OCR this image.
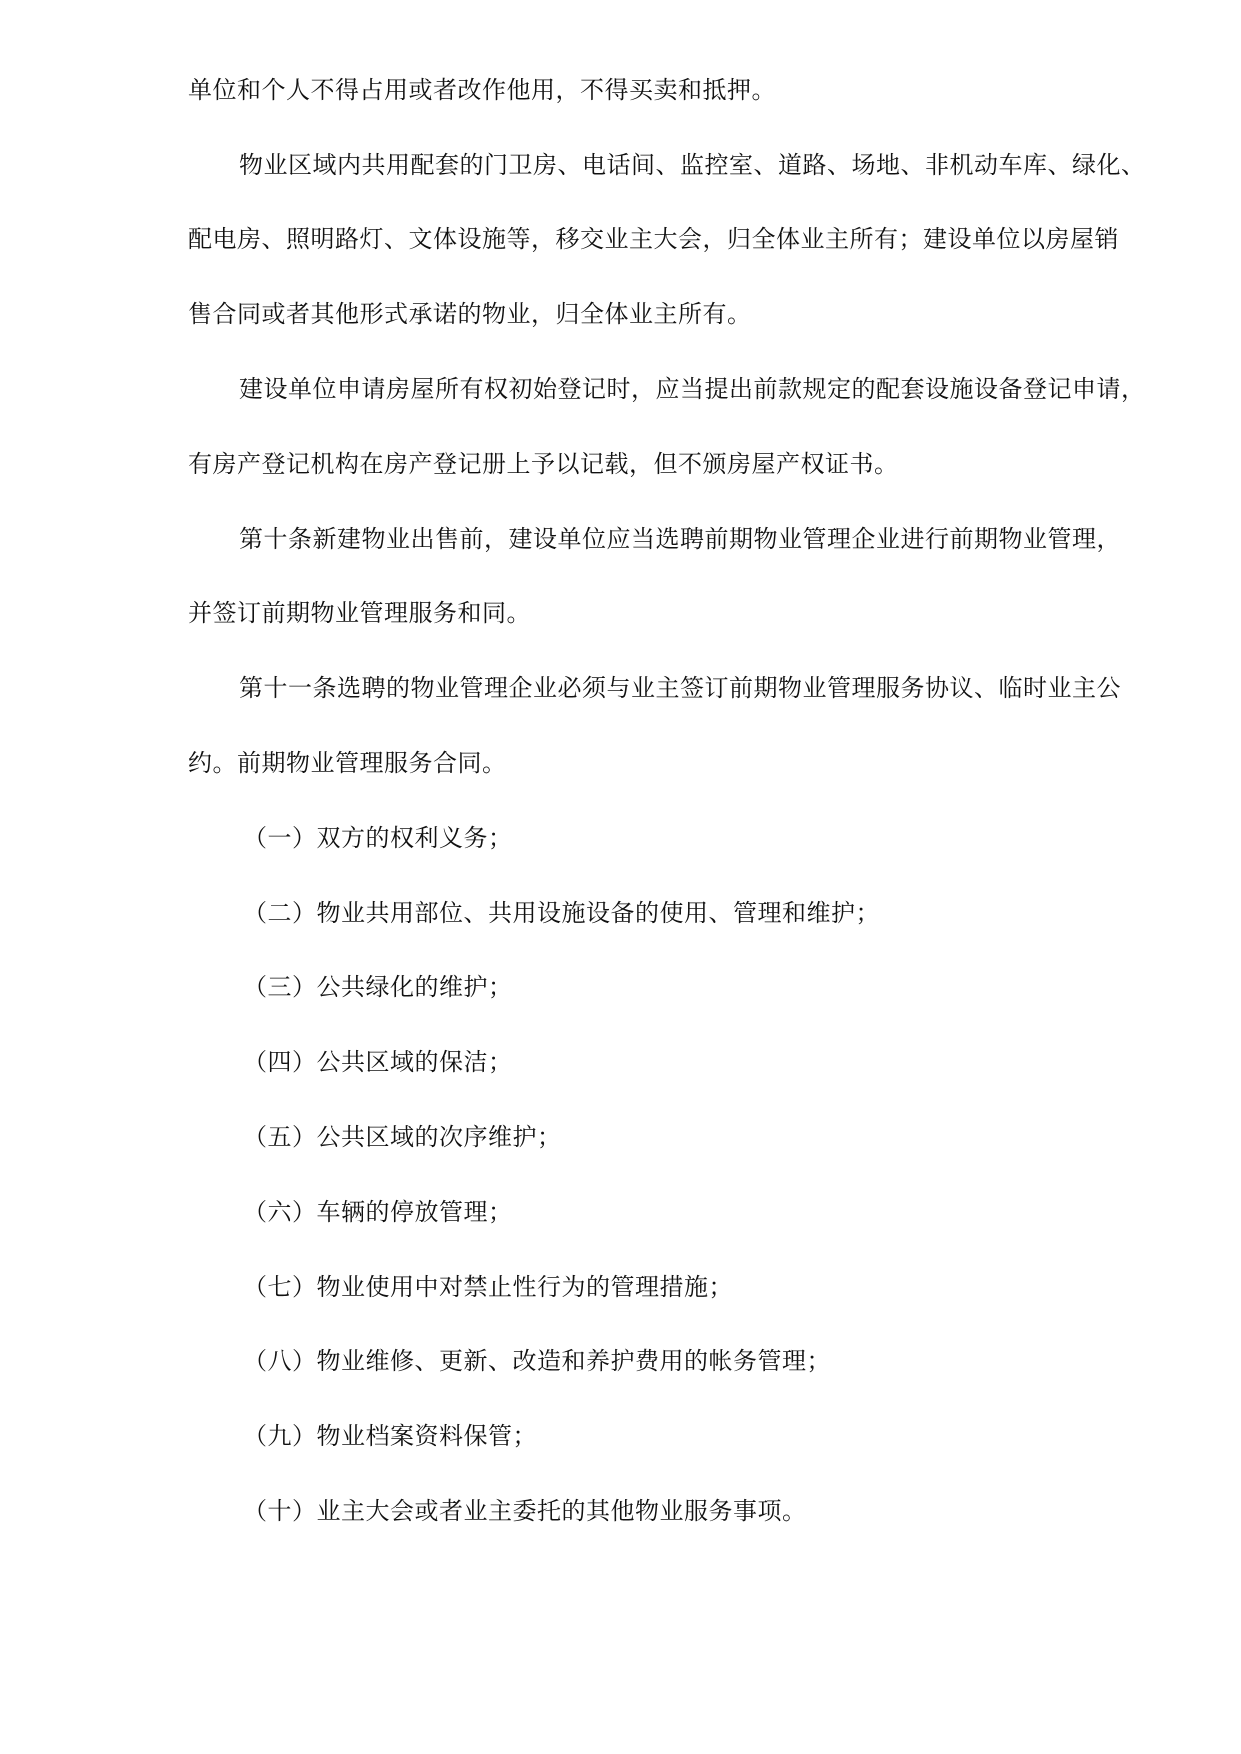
单位和个人不得占用或者改作他用，不得买卖和抵押。
物业区域内共用配套的门卫房、电话间、监控室、道路、场地、非机动车库、绿化、
配电房、照明路灯、文体设施等，移交业主大会，归全体业主所有；建设单位以房屋销
售合同或者其他形式承诺的物业，归全体业主所有。
建设单位申请房屋所有权初始登记时，应当提出前款规定的配套设施设备登记申请，
有房产登记机构在房产登记册上予以记载，但不颁房屋产权证书。
第十条新建物业出售前，建设单位应当选聘前期物业管理企业进行前期物业管理，
并签订前期物业管理服务和同。
第十一条选聘的物业管理企业必须与业主签订前期物业管理服务协议、临时业主公
约。前期物业管理服务合同。
（一）双方的权利义务；
（二）物业共用部位、共用设施设备的使用、管理和维护；
（三）公共绿化的维护；
（四）公共区域的保洁；
（五）公共区域的次序维护；
（六）车辆的停放管理；
（七）物业使用中对禁止性行为的管理措施；
（八）物业维修、更新、改造和养护费用的帐务管理；
（九）物业档案资料保管；
（十）业主大会或者业主委托的其他物业服务事项。
